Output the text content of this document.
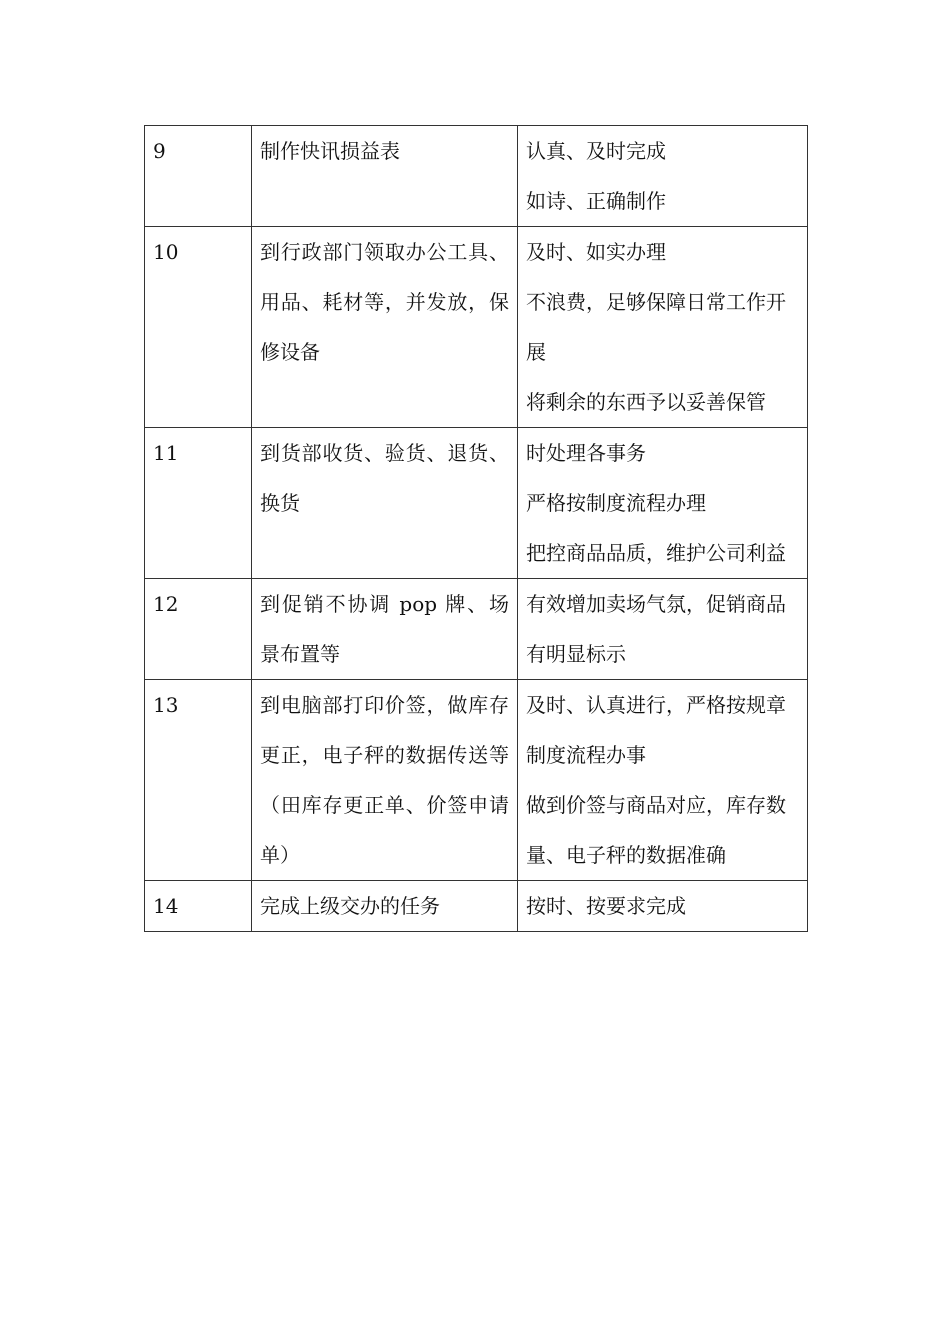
9	制作快讯损益表	认真、及时完成
如诗、正确制作

10	到行政部门领取办公工具、用品、耗材等，并发放，保修设备	及时、如实办理
不浪费，足够保障日常工作开展
将剩余的东西予以妥善保管

11	到货部收货、验货、退货、换货	时处理各事务
严格按制度流程办理
把控商品品质，维护公司利益

12	到促销不协调 pop 牌、场景布置等	有效增加卖场气氛，促销商品有明显标示

13	到电脑部打印价签，做库存更正，电子秤的数据传送等（田库存更正单、价签申请单）	及时、认真进行，严格按规章制度流程办事
做到价签与商品对应，库存数量、电子秤的数据准确

14	完成上级交办的任务	按时、按要求完成
